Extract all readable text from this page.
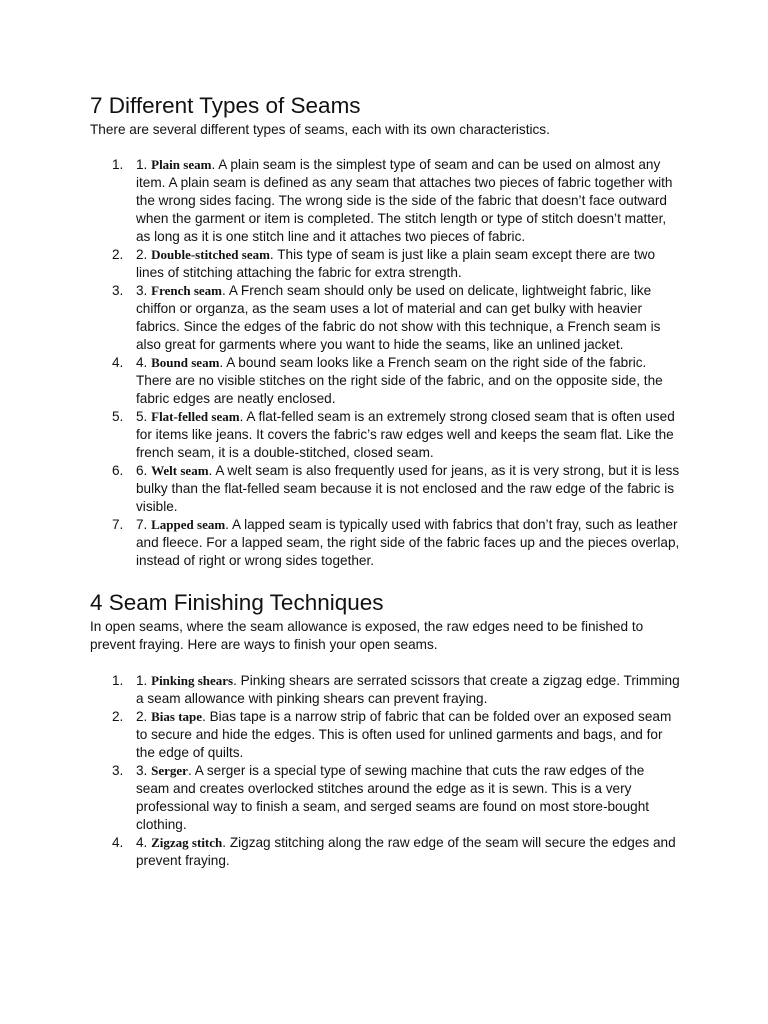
7 Different Types of Seams

There are several different types of seams, each with its own characteristics.

1. 1. Plain seam. A plain seam is the simplest type of seam and can be used on almost any item. A plain seam is defined as any seam that attaches two pieces of fabric together with the wrong sides facing. The wrong side is the side of the fabric that doesn’t face outward when the garment or item is completed. The stitch length or type of stitch doesn’t matter, as long as it is one stitch line and it attaches two pieces of fabric.
2. 2. Double-stitched seam. This type of seam is just like a plain seam except there are two lines of stitching attaching the fabric for extra strength.
3. 3. French seam. A French seam should only be used on delicate, lightweight fabric, like chiffon or organza, as the seam uses a lot of material and can get bulky with heavier fabrics. Since the edges of the fabric do not show with this technique, a French seam is also great for garments where you want to hide the seams, like an unlined jacket.
4. 4. Bound seam. A bound seam looks like a French seam on the right side of the fabric. There are no visible stitches on the right side of the fabric, and on the opposite side, the fabric edges are neatly enclosed.
5. 5. Flat-felled seam. A flat-felled seam is an extremely strong closed seam that is often used for items like jeans. It covers the fabric’s raw edges well and keeps the seam flat. Like the french seam, it is a double-stitched, closed seam.
6. 6. Welt seam. A welt seam is also frequently used for jeans, as it is very strong, but it is less bulky than the flat-felled seam because it is not enclosed and the raw edge of the fabric is visible.
7. 7. Lapped seam. A lapped seam is typically used with fabrics that don’t fray, such as leather and fleece. For a lapped seam, the right side of the fabric faces up and the pieces overlap, instead of right or wrong sides together.
4 Seam Finishing Techniques

In open seams, where the seam allowance is exposed, the raw edges need to be finished to prevent fraying. Here are ways to finish your open seams.

1. 1. Pinking shears. Pinking shears are serrated scissors that create a zigzag edge. Trimming a seam allowance with pinking shears can prevent fraying.
2. 2. Bias tape. Bias tape is a narrow strip of fabric that can be folded over an exposed seam to secure and hide the edges. This is often used for unlined garments and bags, and for the edge of quilts.
3. 3. Serger. A serger is a special type of sewing machine that cuts the raw edges of the seam and creates overlocked stitches around the edge as it is sewn. This is a very professional way to finish a seam, and serged seams are found on most store-bought clothing.
4. 4. Zigzag stitch. Zigzag stitching along the raw edge of the seam will secure the edges and prevent fraying.
